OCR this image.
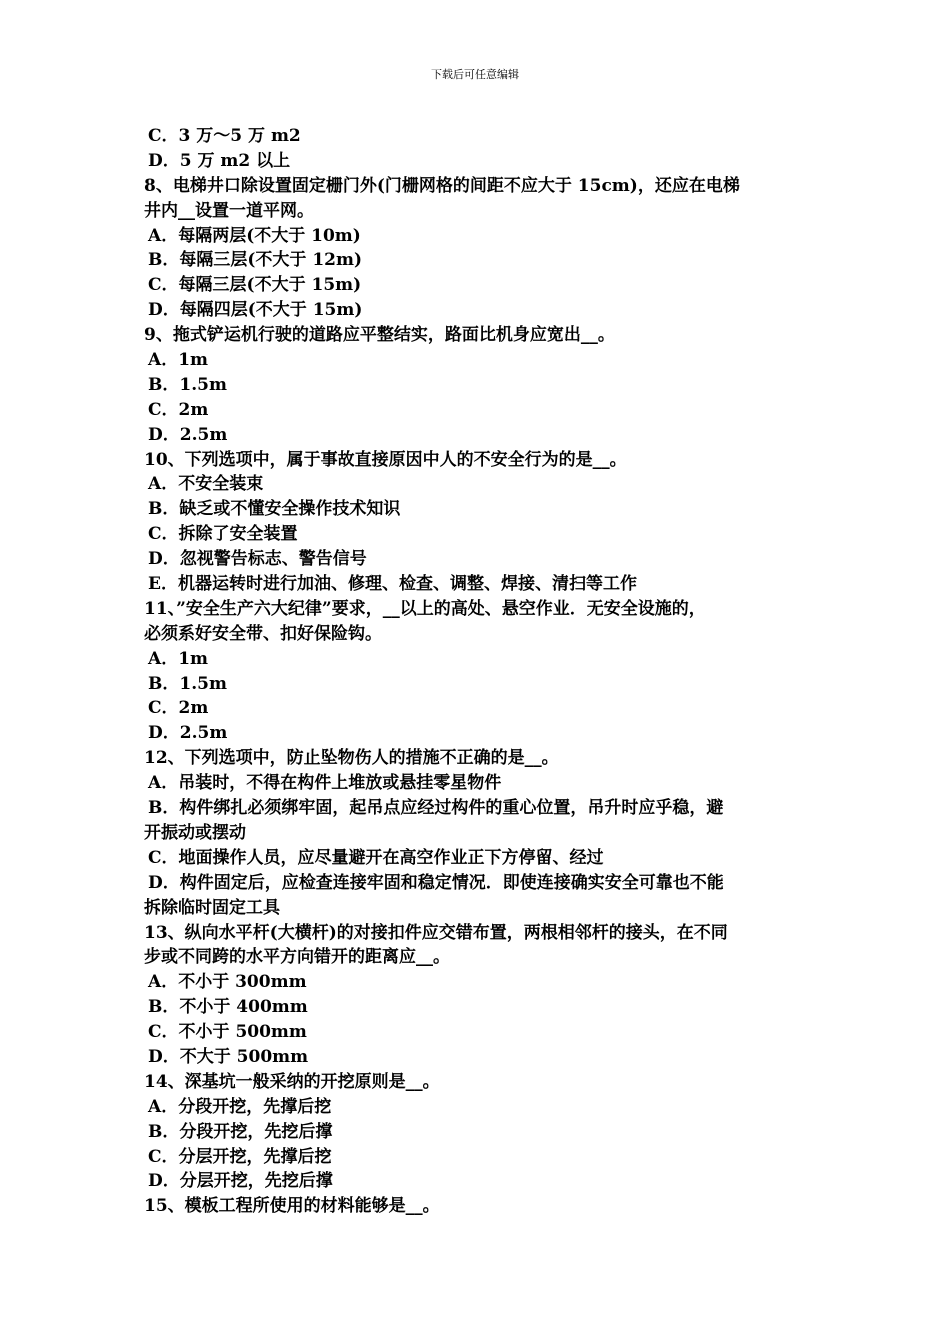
下载后可任意编辑
C．3 万～5 万 m2
D．5 万 m2 以上
8、电梯井口除设置固定栅门外(门栅网格的间距不应大于 15cm)，还应在电梯
井内__设置一道平网。
A．每隔两层(不大于 10m)
B．每隔三层(不大于 12m)
C．每隔三层(不大于 15m)
D．每隔四层(不大于 15m)
9、拖式铲运机行驶的道路应平整结实，路面比机身应宽出__。
A．1m
B．1.5m
C．2m
D．2.5m
10、下列选项中，属于事故直接原因中人的不安全行为的是__。
A．不安全装束
B．缺乏或不懂安全操作技术知识
C．拆除了安全装置
D．忽视警告标志、警告信号
E．机器运转时进行加油、修理、检查、调整、焊接、清扫等工作
11、”安全生产六大纪律”要求，__以上的高处、悬空作业．无安全设施的，
必须系好安全带、扣好保险钩。
A．1m
B．1.5m
C．2m
D．2.5m
12、下列选项中，防止坠物伤人的措施不正确的是__。
A．吊装时，不得在构件上堆放或悬挂零星物件
B．构件绑扎必须绑牢固，起吊点应经过构件的重心位置，吊升时应乎稳，避
开振动或摆动
C．地面操作人员，应尽量避开在高空作业正下方停留、经过
D．构件固定后，应检查连接牢固和稳定情况．即使连接确实安全可靠也不能
拆除临时固定工具
13、纵向水平杆(大横杆)的对接扣件应交错布置，两根相邻杆的接头，在不同
步或不同跨的水平方向错开的距离应__。
A．不小于 300mm
B．不小于 400mm
C．不小于 500mm
D．不大于 500mm
14、深基坑一般采纳的开挖原则是__。
A．分段开挖，先撑后挖
B．分段开挖，先挖后撑
C．分层开挖，先撑后挖
D．分层开挖，先挖后撑
15、模板工程所使用的材料能够是__。
